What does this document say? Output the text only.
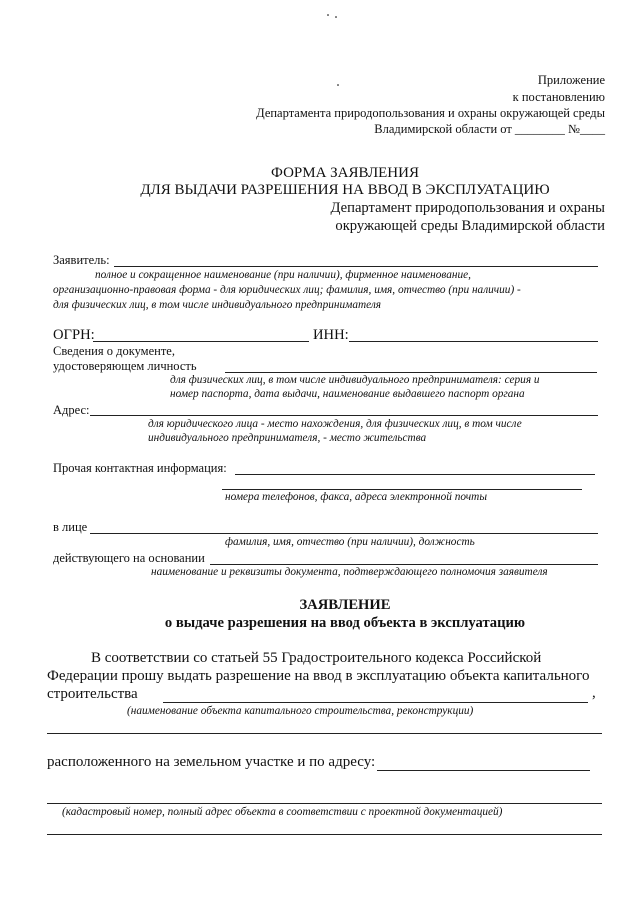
Приложение
к постановлению
Департамента природопользования и охраны окружающей среды
Владимирской области от ________ №____
ФОРМА ЗАЯВЛЕНИЯ
ДЛЯ ВЫДАЧИ РАЗРЕШЕНИЯ НА ВВОД В ЭКСПЛУАТАЦИЮ
Департамент природопользования и охраны
окружающей среды Владимирской области
Заявитель:
полное и сокращенное наименование (при наличии), фирменное наименование,
организационно-правовая форма - для юридических лиц; фамилия, имя, отчество (при наличии) -
для физических лиц, в том числе индивидуального предпринимателя
ОГРН:	ИНН:
Сведения о документе,
удостоверяющем личность
для физических лиц, в том числе индивидуального предпринимателя: серия и
номер паспорта, дата выдачи, наименование выдавшего паспорт органа
Адрес:
для юридического лица - место нахождения, для физических лиц, в том числе
индивидуального предпринимателя, - место жительства
Прочая контактная информация:
номера телефонов, факса, адреса электронной почты
в лице
фамилия, имя, отчество (при наличии), должность
действующего на основании
наименование и реквизиты документа, подтверждающего полномочия заявителя
ЗАЯВЛЕНИЕ
о выдаче разрешения на ввод объекта в эксплуатацию
В соответствии со статьей 55 Градостроительного кодекса Российской
Федерации прошу выдать разрешение на ввод в эксплуатацию объекта капитального
строительства	,
(наименование объекта капитального строительства, реконструкции)
расположенного на земельном участке и по адресу:
(кадастровый номер, полный адрес объекта в соответствии с проектной документацией)
